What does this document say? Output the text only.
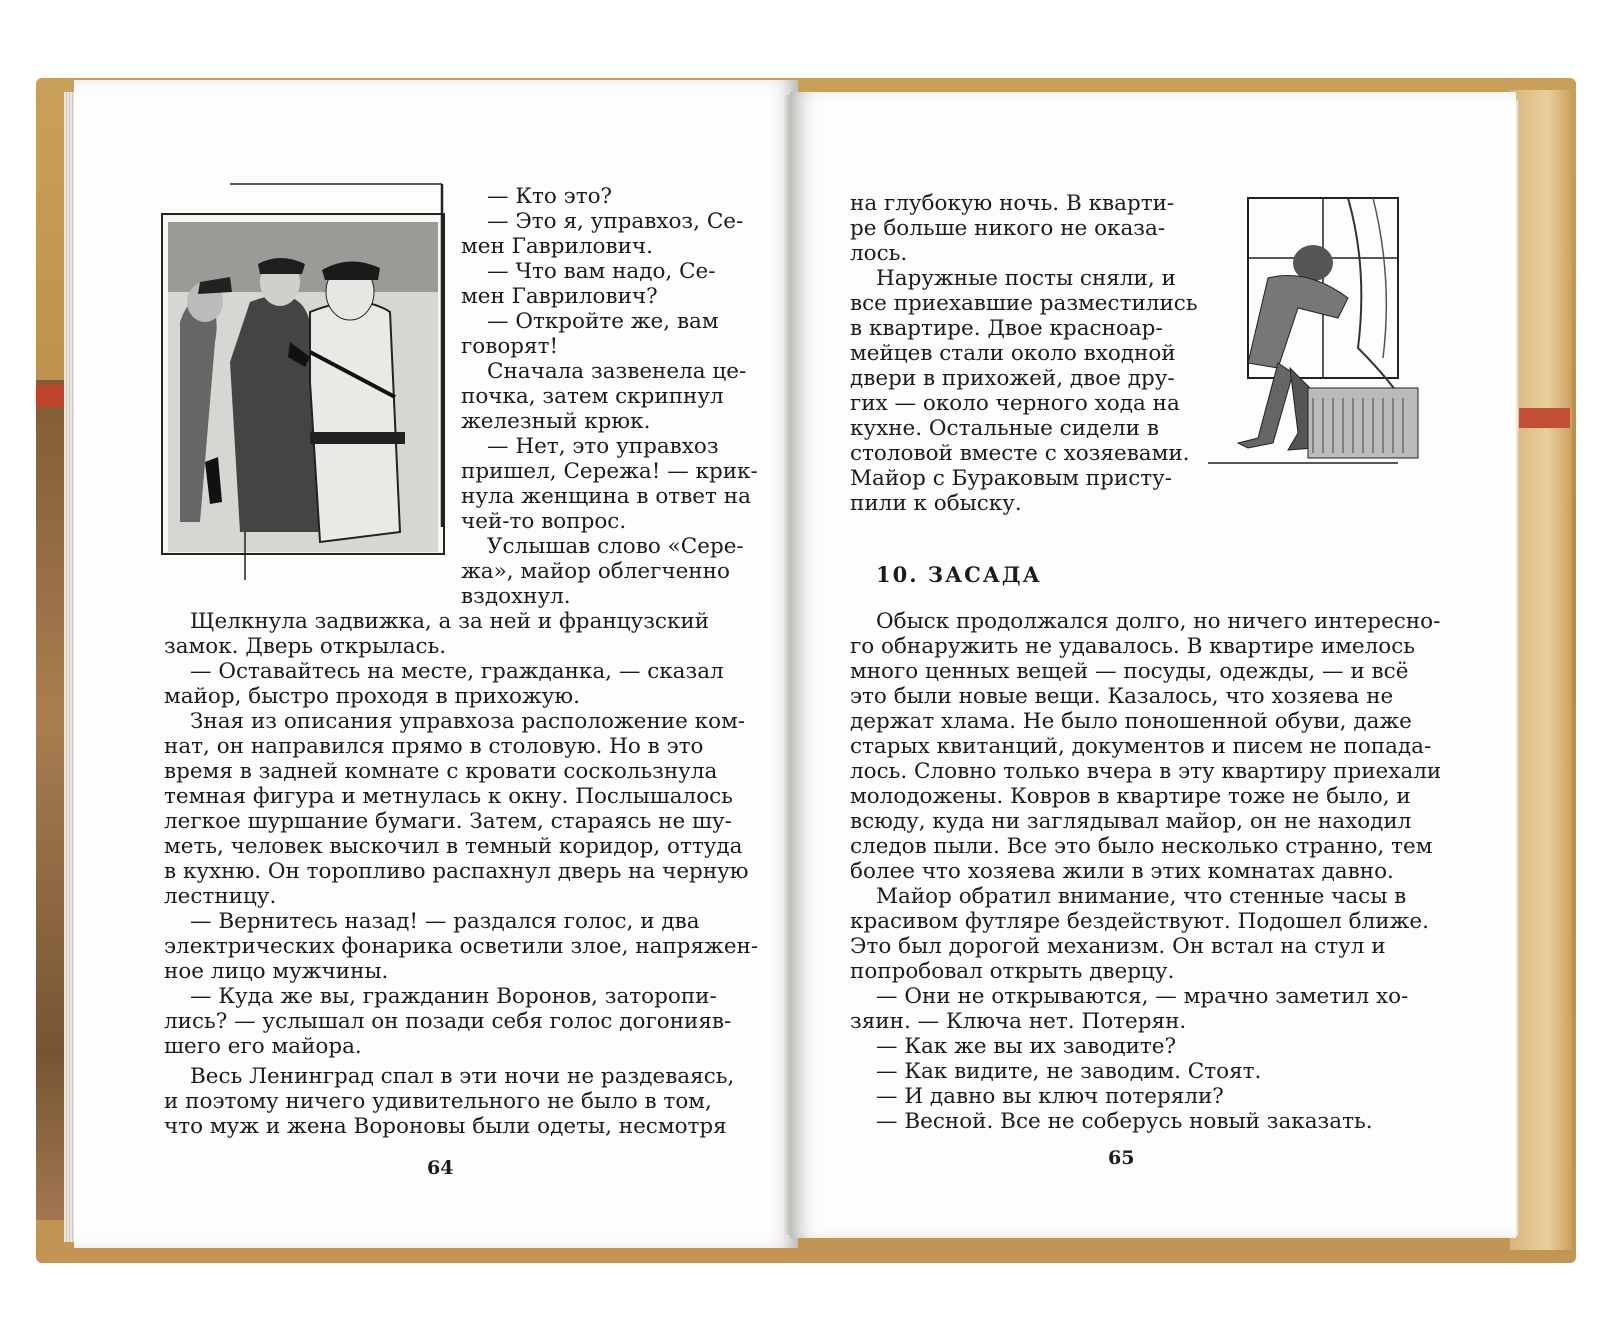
— Кто это?
— Это я, управхоз, Се-
мен Гаврилович.
— Что вам надо, Се-
мен Гаврилович?
— Откройте же, вам
говорят!
Сначала зазвенела це-
почка, затем скрипнул
железный крюк.
— Нет, это управхоз
пришел, Сережа! — крик-
нула женщина в ответ на
чей-то вопрос.
Услышав слово «Сере-
жа», майор облегченно
вздохнул.
Щелкнула задвижка, а за ней и французский
замок. Дверь открылась.
— Оставайтесь на месте, гражданка, — сказал
майор, быстро проходя в прихожую.
Зная из описания управхоза расположение ком-
нат, он направился прямо в столовую. Но в это
время в задней комнате с кровати соскользнула
темная фигура и метнулась к окну. Послышалось
легкое шуршание бумаги. Затем, стараясь не шу-
меть, человек выскочил в темный коридор, оттуда
в кухню. Он торопливо распахнул дверь на черную
лестницу.
— Вернитесь назад! — раздался голос, и два
электрических фонарика осветили злое, напряжен-
ное лицо мужчины.
— Куда же вы, гражданин Воронов, заторопи-
лись? — услышал он позади себя голос догонияв-
шего его майора.
Весь Ленинград спал в эти ночи не раздеваясь,
и поэтому ничего удивительного не было в том,
что муж и жена Вороновы были одеты, несмотря
64
на глубокую ночь. В кварти-
ре больше никого не оказа-
лось.
Наружные посты сняли, и
все приехавшие разместились
в квартире. Двое красноар-
мейцев стали около входной
двери в прихожей, двое дру-
гих — около черного хода на
кухне. Остальные сидели в
столовой вместе с хозяевами.
Майор с Бураковым присту-
пили к обыску.
10. ЗАСАДА
Обыск продолжался долго, но ничего интересно-
го обнаружить не удавалось. В квартире имелось
много ценных вещей — посуды, одежды, — и всё
это были новые вещи. Казалось, что хозяева не
держат хлама. Не было поношенной обуви, даже
старых квитанций, документов и писем не попада-
лось. Словно только вчера в эту квартиру приехали
молодожены. Ковров в квартире тоже не было, и
всюду, куда ни заглядывал майор, он не находил
следов пыли. Все это было несколько странно, тем
более что хозяева жили в этих комнатах давно.
Майор обратил внимание, что стенные часы в
красивом футляре бездействуют. Подошел ближе.
Это был дорогой механизм. Он встал на стул и
попробовал открыть дверцу.
— Они не открываются, — мрачно заметил хо-
зяин. — Ключа нет. Потерян.
— Как же вы их заводите?
— Как видите, не заводим. Стоят.
— И давно вы ключ потеряли?
— Весной. Все не соберусь новый заказать.
65
